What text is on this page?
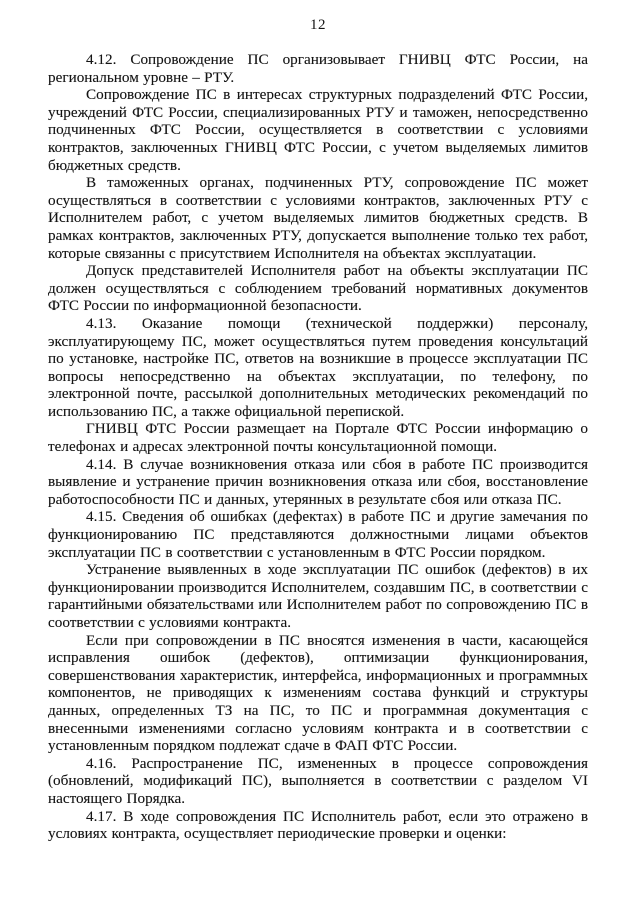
12

4.12. Сопровождение ПС организовывает ГНИВЦ ФТС России, на региональном уровне – РТУ.

Сопровождение ПС в интересах структурных подразделений ФТС России, учреждений ФТС России, специализированных РТУ и таможен, непосредственно подчиненных ФТС России, осуществляется в соответствии с условиями контрактов, заключенных ГНИВЦ ФТС России, с учетом выделяемых лимитов бюджетных средств.

В таможенных органах, подчиненных РТУ, сопровождение ПС может осуществляться в соответствии с условиями контрактов, заключенных РТУ с Исполнителем работ, с учетом выделяемых лимитов бюджетных средств. В рамках контрактов, заключенных РТУ, допускается выполнение только тех работ, которые связанны с присутствием Исполнителя на объектах эксплуатации.

Допуск представителей Исполнителя работ на объекты эксплуатации ПС должен осуществляться с соблюдением требований нормативных документов ФТС России по информационной безопасности.

4.13. Оказание помощи (технической поддержки) персоналу, эксплуатирующему ПС, может осуществляться путем проведения консультаций по установке, настройке ПС, ответов на возникшие в процессе эксплуатации ПС вопросы непосредственно на объектах эксплуатации, по телефону, по электронной почте, рассылкой дополнительных методических рекомендаций по использованию ПС, а также официальной перепиской.

ГНИВЦ ФТС России размещает на Портале ФТС России информацию о телефонах и адресах электронной почты консультационной помощи.

4.14. В случае возникновения отказа или сбоя в работе ПС производится выявление и устранение причин возникновения отказа или сбоя, восстановление работоспособности ПС и данных, утерянных в результате сбоя или отказа ПС.

4.15. Сведения об ошибках (дефектах) в работе ПС и другие замечания по функционированию ПС представляются должностными лицами объектов эксплуатации ПС в соответствии с установленным в ФТС России порядком.

Устранение выявленных в ходе эксплуатации ПС ошибок (дефектов) в их функционировании производится Исполнителем, создавшим ПС, в соответствии с гарантийными обязательствами или Исполнителем работ по сопровождению ПС в соответствии с условиями контракта.

Если при сопровождении в ПС вносятся изменения в части, касающейся исправления ошибок (дефектов), оптимизации функционирования, совершенствования характеристик, интерфейса, информационных и программных компонентов, не приводящих к изменениям состава функций и структуры данных, определенных ТЗ на ПС, то ПС и программная документация с внесенными изменениями согласно условиям контракта и в соответствии с установленным порядком подлежат сдаче в ФАП ФТС России.

4.16. Распространение ПС, измененных в процессе сопровождения (обновлений, модификаций ПС), выполняется в соответствии с разделом VI настоящего Порядка.

4.17. В ходе сопровождения ПС Исполнитель работ, если это отражено в условиях контракта, осуществляет периодические проверки и оценки:
